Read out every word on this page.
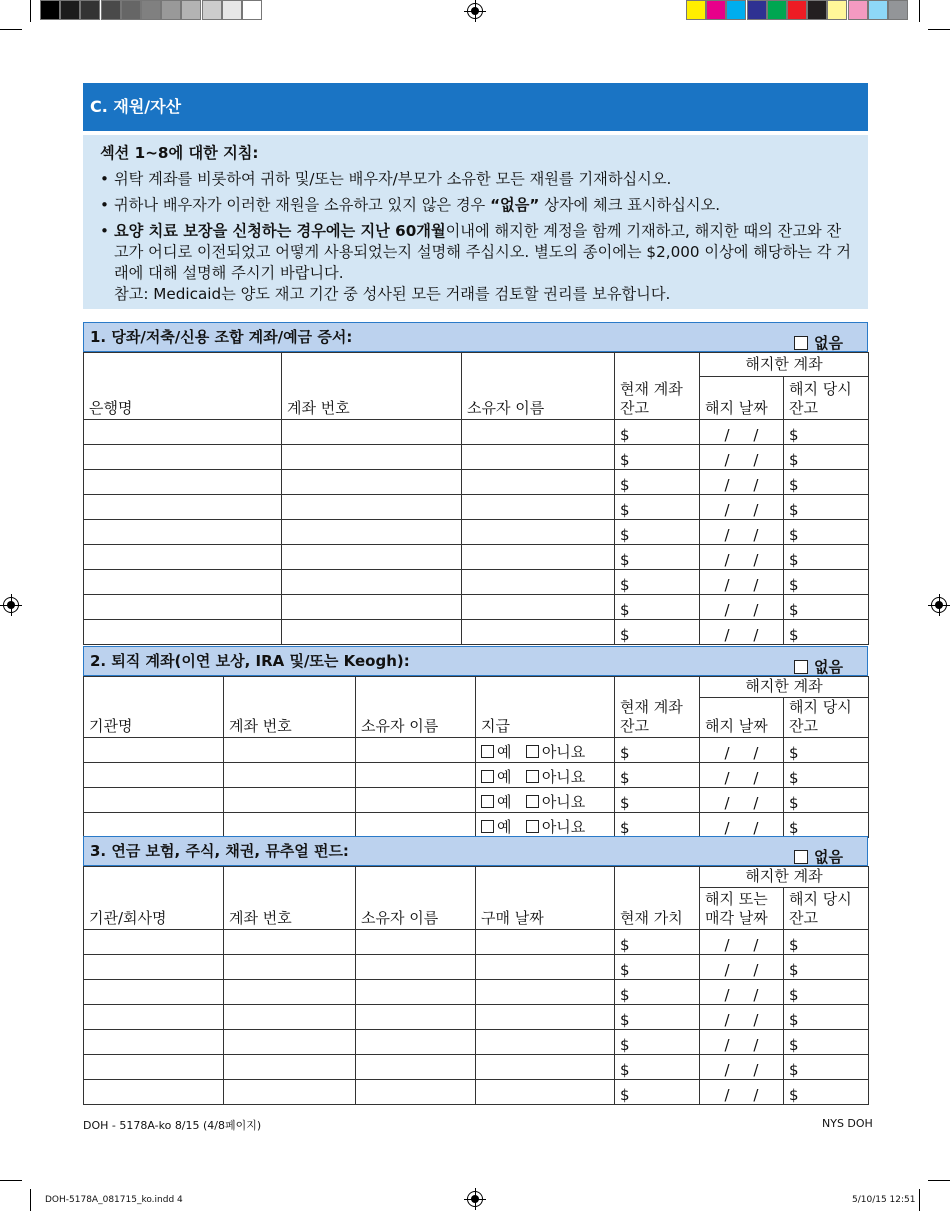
C. 재원/자산
섹션 1~8에 대한 지침:
• 위탁 계좌를 비롯하여 귀하 및/또는 배우자/부모가 소유한 모든 재원를 기재하십시오.
• 귀하나 배우자가 이러한 재원을 소유하고 있지 않은 경우 “없음” 상자에 체크 표시하십시오.
• 요양 치료 보장을 신청하는 경우에는 지난 60개월이내에 해지한 계정을 함께 기재하고, 해지한 때의 잔고와 잔고가 어디로 이전되었고 어떻게 사용되었는지 설명해 주십시오. 별도의 종이에는 $2,000 이상에 해당하는 각 거래에 대해 설명해 주시기 바랍니다.
참고: Medicaid는 양도 재고 기간 중 성사된 모든 거래를 검토할 권리를 보유합니다.
1. 당좌/저축/신용 조합 계좌/예금 증서:	없음
은행명	계좌 번호	소유자 이름	현재 계좌 잔고	해지한 계좌	
				해지 날짜	해지 당시 잔고
			$	/     /	$
			$	/     /	$
			$	/     /	$
			$	/     /	$
			$	/     /	$
			$	/     /	$
			$	/     /	$
			$	/     /	$
			$	/     /	$
2. 퇴직 계좌(이연 보상, IRA 및/또는 Keogh):	없음
기관명	계좌 번호	소유자 이름	지급	현재 계좌 잔고	해지한 계좌	
					해지 날짜	해지 당시 잔고
			예 아니요	$	/     /	$
			예 아니요	$	/     /	$
			예 아니요	$	/     /	$
			예 아니요	$	/     /	$
3. 연금 보험, 주식, 채권, 뮤추얼 펀드:	없음
기관/회사명	계좌 번호	소유자 이름	구매 날짜	현재 가치	해지한 계좌	
					해지 또는 매각 날짜	해지 당시 잔고
				$	/     /	$
				$	/     /	$
				$	/     /	$
				$	/     /	$
				$	/     /	$
				$	/     /	$
				$	/     /	$
DOH - 5178A-ko 8/15 (4/8페이지)	NYS DOH
DOH-5178A_081715_ko.indd 4	5/10/15 12:51
